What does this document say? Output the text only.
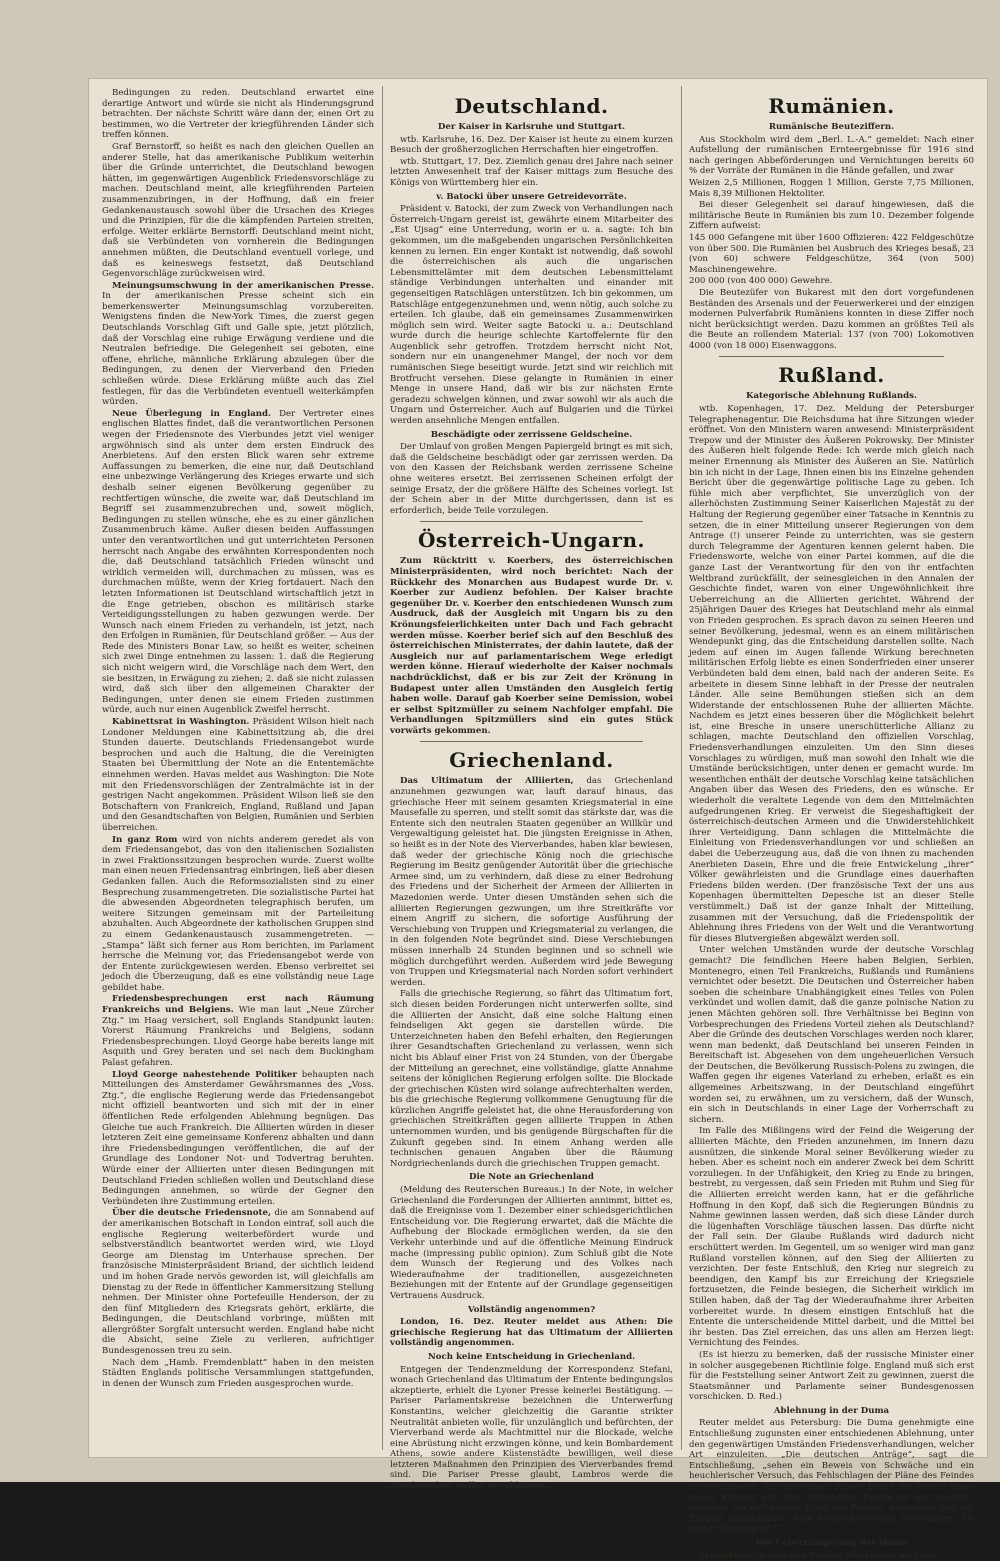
Bedingungen zu reden. Deutschland erwartet eine derartige Antwort und würde sie nicht als Hinderungsgrund betrachten. Der nächste Schritt wäre dann der, einen Ort zu bestimmen, wo die Vertreter der kriegführenden Länder sich treffen können.

Graf Bernstorff, so heißt es nach den gleichen Quellen an anderer Stelle, hat das amerikanische Publikum weiterhin über die Gründe unterrichtet, die Deutschland bewogen hätten, im gegenwärtigen Augenblick Friedensvorschläge zu machen. Deutschland meint, alle kriegführenden Parteien zusammenzubringen, in der Hoffnung, daß ein freier Gedankenaustausch sowohl über die Ursachen des Krieges und die Prinzipien, für die die kämpfenden Parteien streiten, erfolge. Weiter erklärte Bernstorff: Deutschland meint nicht, daß sie Verbündeten von vornherein die Bedingungen annehmen müßten, die Deutschland eventuell vorlege, und daß es keineswegs festsetzt, daß Deutschland Gegenvorschläge zurückweisen wird.

Meinungsumschwung in der amerikanischen Presse. In der amerikanischen Presse scheint sich ein bemerkenswerter Meinungsumschlag vorzubereiten. Wenigstens finden die New-York Times, die zuerst gegen Deutschlands Vorschlag Gift und Galle spie, jetzt plötzlich, daß der Vorschlag eine ruhige Erwägung verdiene und die Neutralen befriedige. Die Gelegenheit sei geboten, eine offene, ehrliche, männliche Erklärung abzulegen über die Bedingungen, zu denen der Vierverband den Frieden schließen würde. Diese Erklärung müßte auch das Ziel festlegen, für das die Verbündeten eventuell weiterkämpfen würden.

Neue Überlegung in England. Der Vertreter eines englischen Blattes findet, daß die verantwortlichen Personen wegen der Friedensnote des Vierbundes jetzt viel weniger argwöhnisch sind als unter dem ersten Eindruck des Anerbietens. Auf den ersten Blick waren sehr extreme Auffassungen zu bemerken, die eine nur, daß Deutschland eine unbezwinge Verlängerung des Krieges erwarte und sich deshalb seiner eigenen Bevölkerung gegenüber zu rechtfertigen wünsche, die zweite war, daß Deutschland im Begriff sei zusammenzubrechen und, soweit möglich, Bedingungen zu stellen wünsche, ehe es zu einer gänzlichen Zusammenbruch käme. Außer diesen beiden Auffassungen unter den verantwortlichen und gut unterrichteten Personen herrscht nach Angabe des erwähnten Korrespondenten noch die, daß Deutschland tatsächlich Frieden wünscht und wirklich vermeiden will, durchmachen zu müssen, was es durchmachen müßte, wenn der Krieg fortdauert. Nach den letzten Informationen ist Deutschland wirtschaftlich jetzt in die Enge getrieben, obschon es militärisch starke Verteidigungsstellungen zu haben gezwungen werde. Der Wunsch nach einem Frieden zu verhandeln, ist jetzt, nach den Erfolgen in Rumänien, für Deutschland größer. — Aus der Rede des Ministers Bonar Law, so heißt es weiter, scheinen sich zwei Dinge entnehmen zu lassen: 1. daß die Regierung sich nicht weigern wird, die Vorschläge nach dem Wert, den sie besitzen, in Erwägung zu ziehen; 2. daß sie nicht zulassen wird, daß sich über den allgemeinen Charakter der Bedingungen, unter denen sie einem Frieden zustimmen würde, auch nur einen Augenblick Zweifel herrscht.

Kabinettsrat in Washington. Präsident Wilson hielt nach Londoner Meldungen eine Kabinettsitzung ab, die drei Stunden dauerte. Deutschlands Friedensangebot wurde besprochen und auch die Haltung, die die Vereinigten Staaten bei Übermittlung der Note an die Ententemächte einnehmen werden. Havas meldet aus Washington: Die Note mit den Friedensvorschlägen der Zentralmächte ist in der gestrigen Nacht angekommen. Präsident Wilson ließ sie den Botschaftern von Frankreich, England, Rußland und Japan und den Gesandtschaften von Belgien, Rumänien und Serbien überreichen.

In ganz Rom wird von nichts anderem geredet als von dem Friedensangebot, das von den italienischen Sozialisten in zwei Fraktionssitzungen besprochen wurde. Zuerst wollte man einen neuen Friedensantrag einbringen, ließ aber diesen Gedanken fallen. Auch die Reformsozialisten sind zu einer Besprechung zusammengetreten. Die sozialistische Partei hat die abwesenden Abgeordneten telegraphisch berufen, um weitere Sitzungen gemeinsam mit der Parteileitung abzuhalten. Auch Abgeordnete der katholischen Gruppen sind zu einem Gedankenaustausch zusammengetreten. — „Stampa“ läßt sich ferner aus Rom berichten, im Parlament herrsche die Meinung vor, das Friedensangebot werde von der Entente zurückgewiesen werden. Ebenso verbreitet sei jedoch die Überzeugung, daß es eine vollständig neue Lage gebildet habe.

Friedensbesprechungen erst nach Räumung Frankreichs und Belgiens. Wie man laut „Neue Zürcher Ztg.“ im Haag versichert, soll Englands Standpunkt lauten: Vorerst Räumung Frankreichs und Belgiens, sodann Friedensbesprechungen. Lloyd George habe bereits lange mit Asquith und Grey beraten und sei nach dem Buckingham Palast gefahren.

Lloyd George nahestehende Politiker behaupten nach Mitteilungen des Amsterdamer Gewährsmannes des „Voss. Ztg.“, die englische Regierung werde das Friedensangebot nicht offiziell beantworten und sich mit der in einer öffentlichen Rede erfolgenden Ablehnung begnügen. Das Gleiche tue auch Frankreich. Die Alliierten würden in dieser letzteren Zeit eine gemeinsame Konferenz abhalten und dann ihre Friedensbedingungen veröffentlichen, die auf der Grundlage des Londoner Not- und Todvertrag beruhten. Würde einer der Alliierten unter diesen Bedingungen mit Deutschland Frieden schließen wollen und Deutschland diese Bedingungen annehmen, so würde der Gegner den Verbündeten ihre Zustimmung erteilen.

Über die deutsche Friedensnote, die am Sonnabend auf der amerikanischen Botschaft in London eintraf, soll auch die englische Regierung weiterbefördert wurde und selbstverständlich beantwortet werden wird, wie Lloyd George am Dienstag im Unterhause sprechen. Der französische Ministerpräsident Briand, der sichtlich leidend und im hohen Grade nervös geworden ist, will gleichfalls am Dienstag zu der Rede in öffentlicher Kammersitzung Stellung nehmen. Der Minister ohne Portefeuille Henderson, der zu den fünf Mitgliedern des Kriegsrats gehört, erklärte, die Bedingungen, die Deutschland vorbringe, müßten mit allergrößter Sorgfalt untersucht werden. England habe nicht die Absicht, seine Ziele zu verlieren, aufrichtiger Bundesgenossen treu zu sein.

Nach dem „Hamb. Fremdenblatt“ haben in den meisten Städten Englands politische Versammlungen stattgefunden, in denen der Wunsch zum Frieden ausgesprochen wurde.

Deutschland.
Der Kaiser in Karlsruhe und Stuttgart.

wtb. Karlsruhe, 16. Dez. Der Kaiser ist heute zu einem kurzen Besuch der großherzoglichen Herrschaften hier eingetroffen.

wtb. Stuttgart, 17. Dez. Ziemlich genau drei Jahre nach seiner letzten Anwesenheit traf der Kaiser mittags zum Besuche des Königs von Württemberg hier ein.

v. Batocki über unsere Getreidevorräte.

Präsident v. Batocki, der zum Zweck von Verhandlungen nach Österreich-Ungarn gereist ist, gewährte einem Mitarbeiter des „Est Ujsag“ eine Unterredung, worin er u. a. sagte: Ich bin gekommen, um die maßgebenden ungarischen Persönlichkeiten kennen zu lernen. Ein enger Kontakt ist notwendig, daß sowohl die österreichischen als auch die ungarischen Lebensmittelämter mit dem deutschen Lebensmittelamt ständige Verbindungen unterhalten und einander mit gegenseitigen Ratschlägen unterstützen. Ich bin gekommen, um Ratschläge entgegenzunehmen und, wenn nötig, auch solche zu erteilen. Ich glaube, daß ein gemeinsames Zusammenwirken möglich sein wird. Weiter sagte Batocki u. a.: Deutschland wurde durch die heurige schlechte Kartoffelernte für den Augenblick sehr getroffen. Trotzdem herrscht nicht Not, sondern nur ein unangenehmer Mangel, der noch vor dem rumänischen Siege beseitigt wurde. Jetzt sind wir reichlich mit Brotfrucht versehen. Diese gelangte in Rumänien in einer Menge in unsere Hand, daß wir bis zur nächsten Ernte geradezu schwelgen können, und zwar sowohl wir als auch die Ungarn und Österreicher. Auch auf Bulgarien und die Türkei werden ansehnliche Mengen entfallen.

Beschädigte oder zerrissene Geldscheine.

Der Umlauf von großen Mengen Papiergeld bringt es mit sich, daß die Geldscheine beschädigt oder gar zerrissen werden. Da von den Kassen der Reichsbank werden zerrissene Scheine ohne weiteres ersetzt. Bei zerrissenen Scheinen erfolgt der seinige Ersatz, der die größere Hälfte des Scheines vorlegt. Ist der Schein aber in der Mitte durchgerissen, dann ist es erforderlich, beide Teile vorzulegen.

Österreich-Ungarn.

Zum Rücktritt v. Koerbers, des österreichischen Ministerpräsidenten, wird noch berichtet: Nach der Rückkehr des Monarchen aus Budapest wurde Dr. v. Koerber zur Audienz befohlen. Der Kaiser brachte gegenüber Dr. v. Koerber den entschiedenen Wunsch zum Ausdruck, daß der Ausgleich mit Ungarn bis zu den Krönungsfeierlichkeiten unter Dach und Fach gebracht werden müsse. Koerber berief sich auf den Beschluß des österreichischen Ministerrates, der dahin lautete, daß der Ausgleich nur auf parlamentarischem Wege erledigt werden könne. Hierauf wiederholte der Kaiser nochmals nachdrücklichst, daß er bis zur Zeit der Krönung in Budapest unter allen Umständen den Ausgleich fertig haben wolle. Darauf gab Koerber seine Demission, wobei er selbst Spitzmüller zu seinem Nachfolger empfahl. Die Verhandlungen Spitzmüllers sind ein gutes Stück vorwärts gekommen.

Griechenland.

Das Ultimatum der Alliierten, das Griechenland anzunehmen gezwungen war, lauft darauf hinaus, das griechische Heer mit seinem gesamten Kriegsmaterial in eine Mausefalle zu sperren, und stellt somit das stärkste dar, was die Entente sich den neutralen Staaten gegenüber an Willkür und Vergewaltigung geleistet hat. Die jüngsten Ereignisse in Athen, so heißt es in der Note des Vierverbandes, haben klar bewiesen, daß weder der griechische König noch die griechische Regierung im Besitz genügender Autorität über die griechische Armee sind, um zu verhindern, daß diese zu einer Bedrohung des Friedens und der Sicherheit der Armeen der Alliierten in Mazedonien werde. Unter diesen Umständen sehen sich die alliierten Regierungen gezwungen, um ihre Streitkräfte vor einem Angriff zu sichern, die sofortige Ausführung der Verschiebung von Truppen und Kriegsmaterial zu verlangen, die in den folgenden Note begründet sind. Diese Verschiebungen müssen innerhalb 24 Stunden beginnen und so schnell wie möglich durchgeführt werden. Außerdem wird jede Bewegung von Truppen und Kriegsmaterial nach Norden sofort verhindert werden.

Falls die griechische Regierung, so fährt das Ultimatum fort, sich diesen beiden Forderungen nicht unterwerfen sollte, sind die Alliierten der Ansicht, daß eine solche Haltung einen feindseligen Akt gegen sie darstellen würde. Die Unterzeichneten haben den Befehl erhalten, den Regierungen ihrer Gesandtschaften Griechenland zu verlassen, wenn sich nicht bis Ablauf einer Frist von 24 Stunden, von der Übergabe der Mitteilung an gerechnet, eine vollständige, glatte Annahme seitens der königlichen Regierung erfolgen sollte. Die Blockade der griechischen Küsten wird solange aufrechterhalten werden, bis die griechische Regierung vollkommene Genugtuung für die kürzlichen Angriffe geleistet hat, die ohne Herausforderung von griechischen Streitkräften gegen alliierte Truppen in Athen unternommen wurden, und bis genügende Bürgschaften für die Zukunft gegeben sind. In einem Anhang werden alle technischen genauen Angaben über die Räumung Nordgriechenlands durch die griechischen Truppen gemacht.

Die Note an Griechenland

(Meldung des Reuterschen Bureaus.) In der Note, in welcher Griechenland die Forderungen der Alliierten annimmt, bittet es, daß die Ereignisse vom 1. Dezember einer schiedsgerichtlichen Entscheidung vor. Die Regierung erwartet, daß die Mächte die Aufhebung der Blockade ermöglichen werden, da sie den Verkehr unterbinde und auf die öffentliche Meinung Eindruck mache (impressing public opinion). Zum Schluß gibt die Note dem Wunsch der Regierung und des Volkes nach Wiederaufnahme der traditionellen, ausgezeichneten Beziehungen mit der Entente auf der Grundlage gegenseitigen Vertrauens Ausdruck.

Vollständig angenommen?

London, 16. Dez. Reuter meldet aus Athen: Die griechische Regierung hat das Ultimatum der Alliierten vollständig angenommen.

Noch keine Entscheidung in Griechenland.

Entgegen der Tendenzmeldung der Korrespondenz Stefani, wonach Griechenland das Ultimatum der Entente bedingungslos akzeptierte, erhielt die Lyoner Presse keinerlei Bestätigung. — Pariser Parlamentskreise bezeichnen die Unterwerfung Konstantins, welcher gleichzeitig die Garantie strikter Neutralität anbieten wolle, für unzulänglich und befürchten, der Vierverband werde als Machtmittel nur die Blockade, welche eine Abrüstung nicht erzwingen könne, und kein Bombardement Athens, sowie andere Küstenstädte bewilligen, weil diese letzteren Maßnahmen den Prinzipien des Vierverbandes fremd sind. Die Pariser Presse glaubt, Lambros werde die Angelegenheit endlos verschleppen.

Rumänien.
Rumänische Beuteziffern.

Aus Stockholm wird dem „Berl. L.-A.“ gemeldet: Nach einer Aufstellung der rumänischen Ernteergebnisse für 1916 sind nach geringen Abbeförderungen und Vernichtungen bereits 60 % der Vorräte der Rumänen in die Hände gefallen, und zwar

Weizen 2,5 Millionen, Roggen 1 Million, Gerste 7,75 Millionen, Mais 8,39 Millionen Hektoliter.

Bei dieser Gelegenheit sei darauf hingewiesen, daß die militärische Beute in Rumänien bis zum 10. Dezember folgende Ziffern aufweist:

145 000 Gefangene mit über 1600 Offizieren: 422 Feldgeschütze von über 500. Die Rumänien bei Ausbruch des Krieges besaß, 23 (von 60) schwere Feldgeschütze, 364 (von 500) Maschinengewehre.

200 000 (von 400 000) Gewehre.

Die Beutezüfer von Bukarest mit den dort vorgefundenen Beständen des Arsenals und der Feuerwerkerei und der einzigen modernen Pulverfabrik Rumäniens konnten in diese Ziffer noch nicht berücksichtigt werden. Dazu kommen an größtes Teil als die Beute an rollendem Material: 137 (von 700) Lokomotiven 4000 (von 18 000) Eisenwaggons.

Rußland.
Kategorische Ablehnung Rußlands.

wtb. Kopenhagen, 17. Dez. Meldung der Petersburger Telegraphenagentur. Die Reichsduma hat ihre Sitzungen wieder eröffnet. Von den Ministern waren anwesend: Ministerpräsident Trepow und der Minister des Äußeren Pokrowsky. Der Minister des Äußeren hielt folgende Rede: Ich werde mich gleich nach meiner Ernennung als Minister des Äußeren an Sie. Natürlich bin ich nicht in der Lage, Ihnen einen bis ins Einzelne gehenden Bericht über die gegenwärtige politische Lage zu geben. Ich fühle mich aber verpflichtet, Sie unverzüglich von der allerhöchsten Zustimmung Seiner Kaiserlichen Majestät zu der Haltung der Regierung gegenüber einer Tatsache in Kenntnis zu setzen, die in einer Mitteilung unserer Regierungen von dem Antrage (!) unserer Feinde zu unterrichten, was sie gestern durch Telegramme der Agenturen kennen gelernt haben. Die Friedensworte, welche von einer Partei kommen, auf die die ganze Last der Verantwortung für den von ihr entfachten Weltbrand zurückfällt, der seinesgleichen in den Annalen der Geschichte findet, waren von einer Ungewöhnlichkeit ihre Ueberreichung an die Alliierten gerichtet. Während der 25jährigen Dauer des Krieges hat Deutschland mehr als einmal von Frieden gesprochen. Es sprach davon zu seinen Heeren und seiner Bevölkerung, jedesmal, wenn es an einem militärischen Wendepunkt ging, das die Entscheidung darstellen sollte. Nach jedem auf einen im Augen fallende Wirkung berechneten militärischen Erfolg liebte es einen Sonderfrieden einer unserer Verbündeten bald dem einen, bald nach der anderen Seite. Es arbeitete in diesem Sinne lebhaft in der Presse der neutralen Länder. Alle seine Bemühungen stießen sich an dem Widerstande der entschlossenen Ruhe der alliierten Mächte. Nachdem es jetzt eines besseren über die Möglichkeit belehrt ist, eine Bresche in unsere unerschütterliche Allianz zu schlagen, machte Deutschland den offiziellen Vorschlag, Friedensverhandlungen einzuleiten. Um den Sinn dieses Vorschlages zu würdigen, muß man sowohl den Inhalt wie die Umstände berücksichtigen, unter denen er gemacht wurde. Im wesentlichen enthält der deutsche Vorschlag keine tatsächlichen Angaben über das Wesen des Friedens, den es wünsche. Er wiederholt die veraltete Legende von dem den Mittelmächten aufgedrungenen Krieg. Er verweist die Siegeshaftigkeit der österreichisch-deutschen Armeen und die Unwiderstehlichkeit ihrer Verteidigung. Dann schlagen die Mittelmächte die Einleitung von Friedensverhandlungen vor und schließen an dabei die Ueberzeugung aus, daß die von ihnen zu machenden Anerbieten Dasein, Ehre und die freie Entwickelung „ihrer“ Völker gewährleisten und die Grundlage eines dauerhaften Friedens bilden werden. (Der französische Text der uns aus Kopenhagen übermittelten Depesche ist an dieser Stelle verstümmelt.) Daß ist der ganze Inhalt der Mitteilung, zusammen mit der Versuchung, daß die Friedenspolitik der Ablehnung ihres Friedens von der Welt und die Verantwortung für dieses Blutvergießen abgewälzt werden soll.

Unter welchen Umständen wurde der deutsche Vorschlag gemacht? Die feindlichen Heere haben Belgien, Serbien, Montenegro, einen Teil Frankreichs, Rußlands und Rumäniens vernichtet oder besetzt. Die Deutschen und Österreicher haben soeben die scheinbare Unabhängigkeit eines Teiles von Polen verkündet und wollen damit, daß die ganze polnische Nation zu jenen Mächten gehören soll. Ihre Verhältnisse bei Beginn von Vorbesprechungen des Friedens Vorteil ziehen als Deutschland? Aber die Gründe des deutschen Vorschlages werden noch klarer, wenn man bedenkt, daß Deutschland bei unseren Feinden in Bereitschaft ist. Abgesehen von dem ungeheuerlichen Versuch der Deutschen, die Bevölkerung Russisch-Polens zu zwingen, die Waffen gegen ihr eigenes Vaterland zu erheben, erlaßt es ein allgemeines Arbeitszwang, in der Deutschland eingeführt worden sei, zu erwähnen, um zu versichern, daß der Wunsch, ein sich in Deutschlands in einer Lage der Vorherrschaft zu sichern.

Im Falle des Mißlingens wird der Feind die Weigerung der alliierten Mächte, den Frieden anzunehmen, im Innern dazu ausnützen, die sinkende Moral seiner Bevölkerung wieder zu heben. Aber es scheint noch ein anderer Zweck bei dem Schritt vorzuliegen. In der Unfähigkeit, den Krieg zu Ende zu bringen, bestrebt, zu vergessen, daß sein Frieden mit Ruhm und Sieg für die Alliierten erreicht werden kann, hat er die gefährliche Hoffnung in den Kopf, daß sich die Regierungen Bündnis zu Nahme gewinnen lassen werden, daß sich diese Länder durch die lügenhaften Vorschläge täuschen lassen. Das dürfte nicht der Fall sein. Der Glaube Rußlands wird dadurch nicht erschüttert werden. Im Gegenteil, um so weniger wird man ganz Rußland vorstellen können, auf den Sieg der Alliierten zu verzichten. Der feste Entschluß, den Krieg nur siegreich zu beendigen, den Kampf bis zur Erreichung der Kriegsziele fortzusetzen, die Feinde besiegen, die Sicherheit wirklich im Stillen haben, daß der Tag der Wiederaufnahme ihrer Arbeiten vorbereitet wurde. In diesem einstigen Entschluß hat die Entente die unterscheidende Mittel darbeit, und die Mittel bei ihr besten. Das Ziel erreichen, das uns allen am Herzen liegt: Vernichtung des Feindes.

(Es ist hierzu zu bemerken, daß der russische Minister einer in solcher ausgegebenen Richtlinie folge. England muß sich erst für die Feststellung seiner Antwort Zeit zu gewinnen, zuerst die Staatsmänner und Parlamente seiner Bundesgenossen vorschicken. D. Red.)

Ablehnung in der Duma

Reuter meldet aus Petersburg: Die Duma genehmigte eine Entschließung zugunsten einer entschiedenen Ablehnung, unter den gegenwärtigen Umständen Friedensverhandlungen, welcher Art einzuleiten. „Die deutschen Anträge“, sagt die Entschließung, „sehen ein Beweis von Schwäche und ein heuchlerischer Versuch, das Fehlschlagen der Pläne des Feindes zu verschleiern. Ein vorzeitiger Friede bringt die Gefahr eines neuen Krieges mit. Ein dauerhafter Friede ist nur möglich, nachdem die militärische Kraft des Feindes gebrochen und der Ehrgeiz Deutschlands, eine Vormachtstellung zu erlangen, für immer beseitigt ist.“

Die Ueberrumpelung der Duma

In objektiven politischen Kreisen Stockholms wird der
